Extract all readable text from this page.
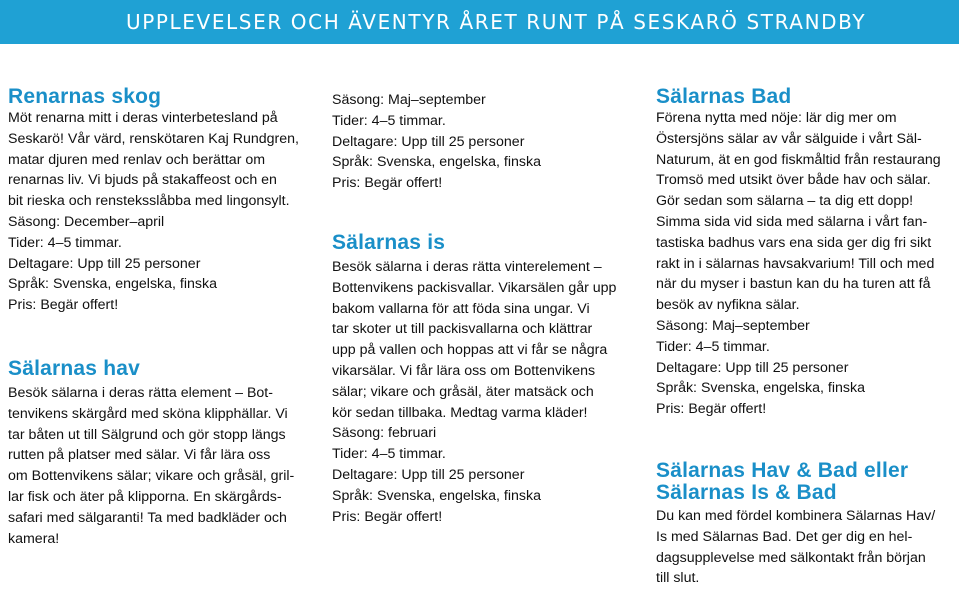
UPPLEVELSER OCH ÄVENTYR ÅRET RUNT PÅ SESKARÖ STRANDBY
Renarnas skog

Möt renarna mitt i deras vinterbetesland på

Seskarö! Vår värd, renskötaren Kaj Rundgren,

matar djuren med renlav och berättar om

renarnas liv. Vi bjuds på stakaffeost och en

bit rieska och rensteksslåbba med lingonsylt.

Säsong: December–april

Tider: 4–5 timmar.

Deltagare: Upp till 25 personer

Språk: Svenska, engelska, finska

Pris: Begär offert!

Sälarnas hav

Besök sälarna i deras rätta element – Bot-

tenvikens skärgård med sköna klipphällar. Vi

tar båten ut till Sälgrund och gör stopp längs

rutten på platser med sälar. Vi får lära oss

om Bottenvikens sälar; vikare och gråsäl, gril-

lar fisk och äter på klipporna. En skärgårds-

safari med sälgaranti! Ta med badkläder och

kamera!

Säsong: Maj–september

Tider: 4–5 timmar.

Deltagare: Upp till 25 personer

Språk: Svenska, engelska, finska

Pris: Begär offert!

Sälarnas is

Besök sälarna i deras rätta vinterelement –

Bottenvikens packisvallar. Vikarsälen går upp

bakom vallarna för att föda sina ungar. Vi

tar skoter ut till packisvallarna och klättrar

upp på vallen och hoppas att vi får se några

vikarsälar. Vi får lära oss om Bottenvikens

sälar; vikare och gråsäl, äter matsäck och

kör sedan tillbaka. Medtag varma kläder!

Säsong: februari

Tider: 4–5 timmar.

Deltagare: Upp till 25 personer

Språk: Svenska, engelska, finska

Pris: Begär offert!

Sälarnas Bad

Förena nytta med nöje: lär dig mer om

Östersjöns sälar av vår sälguide i vårt Säl-

Naturum, ät en god fiskmåltid från restaurang

Tromsö med utsikt över både hav och sälar.

Gör sedan som sälarna – ta dig ett dopp!

Simma sida vid sida med sälarna i vårt fan-

tastiska badhus vars ena sida ger dig fri sikt

rakt in i sälarnas havsakvarium! Till och med

när du myser i bastun kan du ha turen att få

besök av nyfikna sälar.

Säsong: Maj–september

Tider: 4–5 timmar.

Deltagare: Upp till 25 personer

Språk: Svenska, engelska, finska

Pris: Begär offert!

Sälarnas Hav & Bad eller
Sälarnas Is & Bad

Du kan med fördel kombinera Sälarnas Hav/

Is med Sälarnas Bad. Det ger dig en hel-

dagsupplevelse med sälkontakt från början

till slut.
